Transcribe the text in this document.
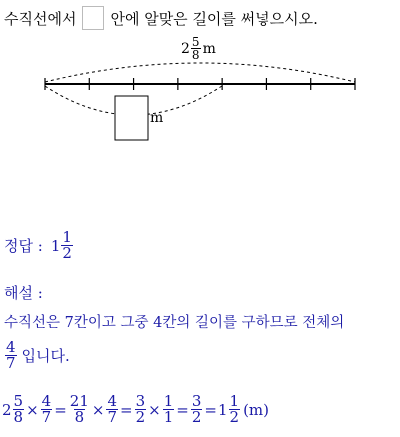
수직선에서 안에 알맞은 길이를 써넣으시오.
$2 \frac{5}{8}$ m
m
정답 : $1 \frac{1}{2}$
해설 :
수직선은 7칸이고 그중 4칸의 길이를 구하므로 전체의
$\frac{4}{7}$ 입니다.
$2 \frac{5}{8} \times \frac{4}{7} = \frac{21}{8} \times \frac{4}{7} = \frac{3}{2} \times \frac{1}{1} = \frac{3}{2} = 1 \frac{1}{2} (m)$
